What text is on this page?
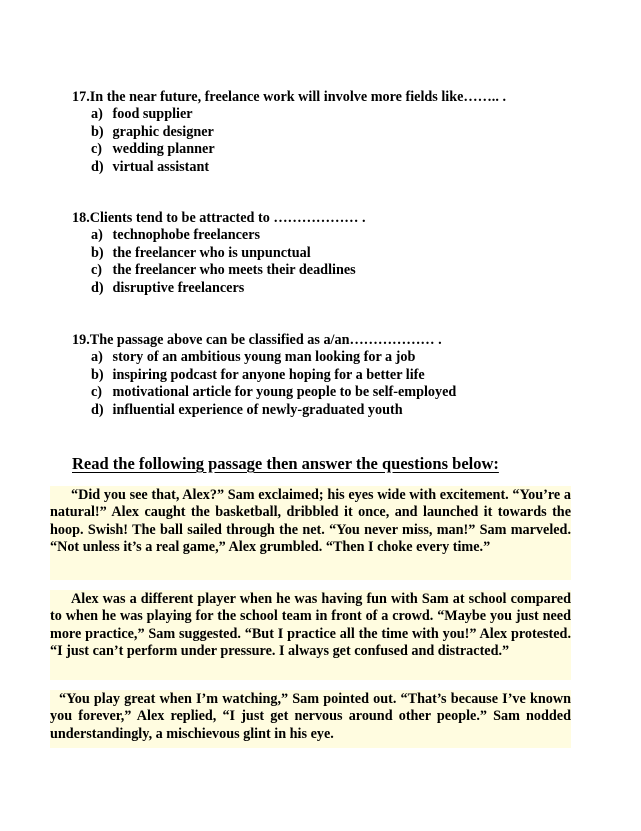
17.In the near future, freelance work will involve more fields like…….. .
a) food supplier
b) graphic designer
c) wedding planner
d) virtual assistant
18.Clients tend to be attracted to ……………… .
a) technophobe freelancers
b) the freelancer who is unpunctual
c) the freelancer who meets their deadlines
d) disruptive freelancers
19.The passage above can be classified as a/an……………… .
a) story of an ambitious young man looking for a job
b) inspiring podcast for anyone hoping for a better life
c) motivational article for young people to be self-employed
d) influential experience of newly-graduated youth
Read the following passage then answer the questions below:

“Did you see that, Alex?” Sam exclaimed; his eyes wide with excitement. “You’re a natural!” Alex caught the basketball, dribbled it once, and launched it towards the hoop. Swish! The ball sailed through the net. “You never miss, man!” Sam marveled. “Not unless it’s a real game,” Alex grumbled. “Then I choke every time.”

Alex was a different player when he was having fun with Sam at school compared to when he was playing for the school team in front of a crowd. “Maybe you just need more practice,” Sam suggested. “But I practice all the time with you!” Alex protested. “I just can’t perform under pressure. I always get confused and distracted.”

“You play great when I’m watching,” Sam pointed out. “That’s because I’ve known you forever,” Alex replied, “I just get nervous around other people.” Sam nodded understandingly, a mischievous glint in his eye.
